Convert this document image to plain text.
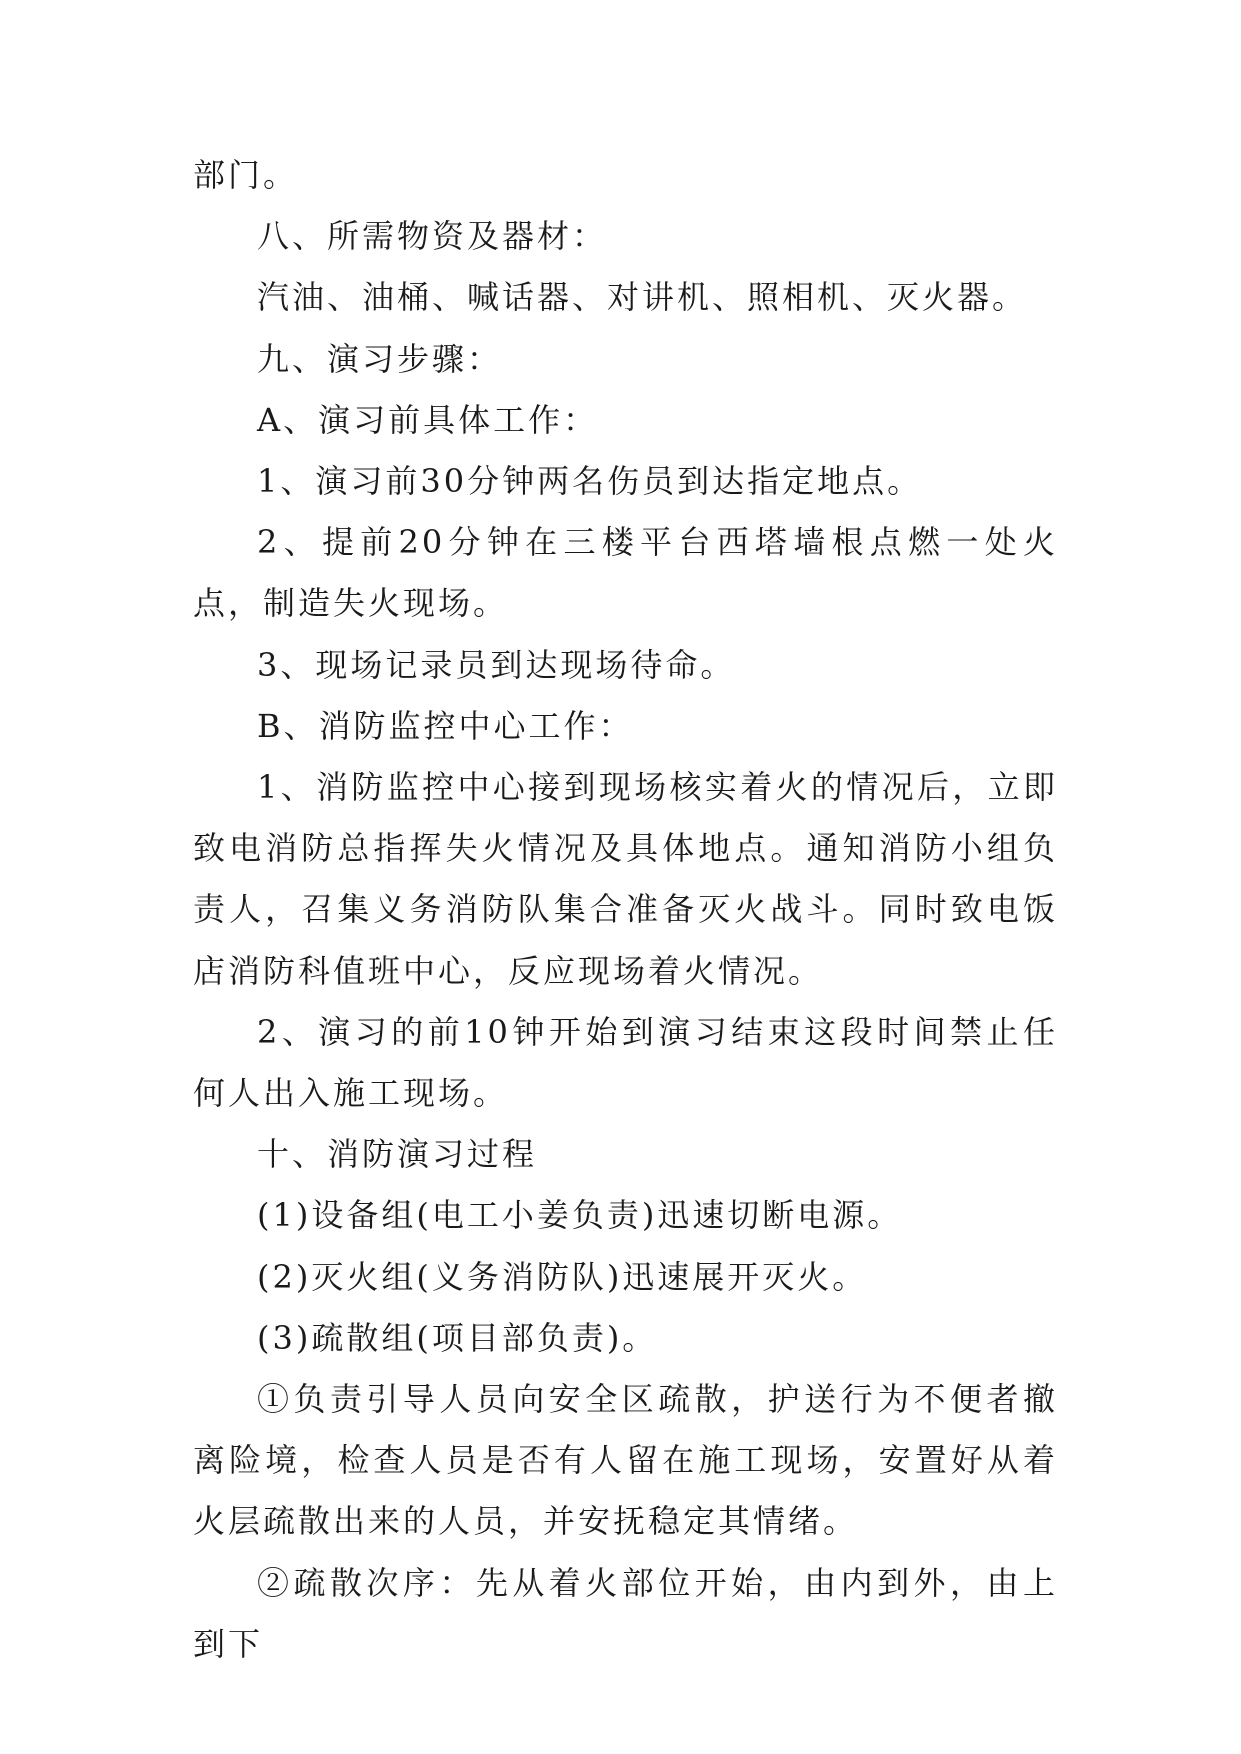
部门。

八、所需物资及器材：

汽油、油桶、喊话器、对讲机、照相机、灭火器。

九、演习步骤：

A、演习前具体工作：

1、演习前30分钟两名伤员到达指定地点。

2、提前20分钟在三楼平台西塔墙根点燃一处火点，制造失火现场。

3、现场记录员到达现场待命。

B、消防监控中心工作：

1、消防监控中心接到现场核实着火的情况后，立即致电消防总指挥失火情况及具体地点。通知消防小组负责人，召集义务消防队集合准备灭火战斗。同时致电饭店消防科值班中心，反应现场着火情况。

2、演习的前10钟开始到演习结束这段时间禁止任何人出入施工现场。

十、消防演习过程

(1)设备组(电工小姜负责)迅速切断电源。

(2)灭火组(义务消防队)迅速展开灭火。

(3)疏散组(项目部负责)。

①负责引导人员向安全区疏散，护送行为不便者撤离险境，检查人员是否有人留在施工现场，安置好从着火层疏散出来的人员，并安抚稳定其情绪。

②疏散次序：先从着火部位开始，由内到外，由上到下
